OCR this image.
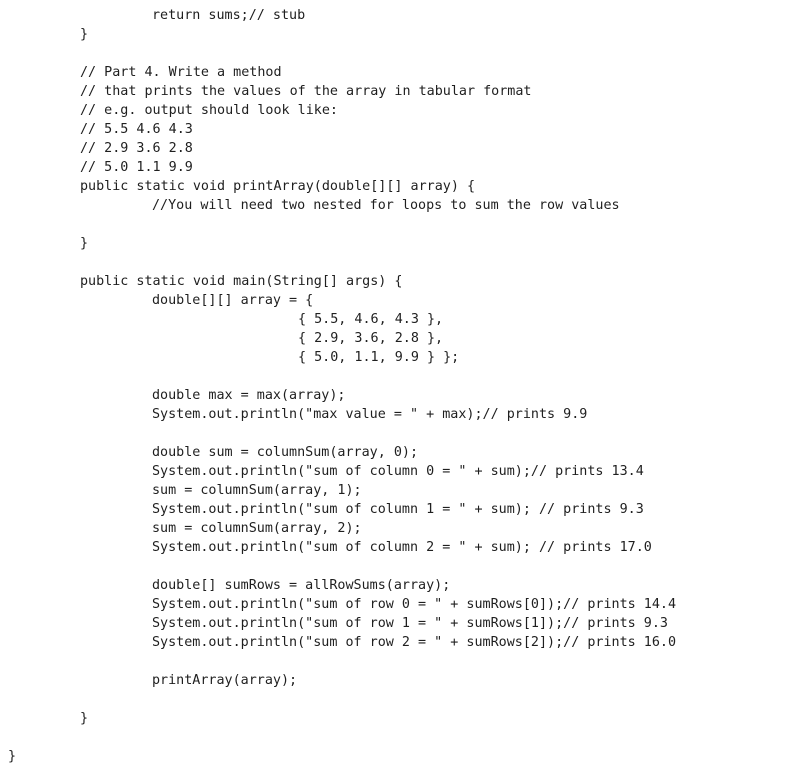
return sums;// stub
}
// Part 4. Write a method
// that prints the values of the array in tabular format
// e.g. output should look like:
// 5.5 4.6 4.3
// 2.9 3.6 2.8
// 5.0 1.1 9.9
public static void printArray(double[][] array) {
//You will need two nested for loops to sum the row values
}
public static void main(String[] args) {
double[][] array = {
{ 5.5, 4.6, 4.3 },
{ 2.9, 3.6, 2.8 },
{ 5.0, 1.1, 9.9 } };
double max = max(array);
System.out.println("max value = " + max);// prints 9.9
double sum = columnSum(array, 0);
System.out.println("sum of column 0 = " + sum);// prints 13.4
sum = columnSum(array, 1);
System.out.println("sum of column 1 = " + sum); // prints 9.3
sum = columnSum(array, 2);
System.out.println("sum of column 2 = " + sum); // prints 17.0
double[] sumRows = allRowSums(array);
System.out.println("sum of row 0 = " + sumRows[0]);// prints 14.4
System.out.println("sum of row 1 = " + sumRows[1]);// prints 9.3
System.out.println("sum of row 2 = " + sumRows[2]);// prints 16.0
printArray(array);
}
}
